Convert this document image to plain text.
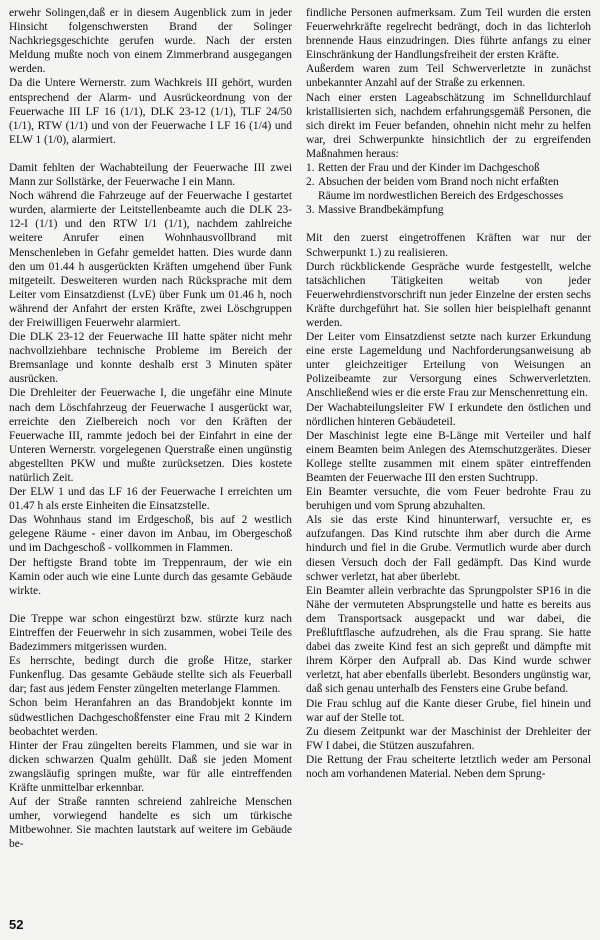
erwehr Solingen,daß er in diesem Augenblick zum in jeder Hinsicht folgenschwersten Brand der Solinger Nachkriegsgeschichte gerufen wurde. Nach der ersten Meldung mußte noch von einem Zimmerbrand ausgegangen werden.

Da die Untere Wernerstr. zum Wachkreis III gehört, wurden entsprechend der Alarm- und Ausrückeordnung von der Feuerwache III LF 16 (1/1), DLK 23-12 (1/1), TLF 24/50 (1/1), RTW (1/1) und von der Feuerwache I LF 16 (1/4) und ELW 1 (1/0), alarmiert.

Damit fehlten der Wachabteilung der Feuerwache III zwei Mann zur Sollstärke, der Feuerwache I ein Mann.

Noch während die Fahrzeuge auf der Feuerwache I gestartet wurden, alarmierte der Leitstellenbeamte auch die DLK 23-12-I (1/1) und den RTW I/1 (1/1), nachdem zahlreiche weitere Anrufer einen Wohnhausvollbrand mit Menschenleben in Gefahr gemeldet hatten. Dies wurde dann den um 01.44 h ausgerückten Kräften umgehend über Funk mitgeteilt. Desweiteren wurden nach Rücksprache mit dem Leiter vom Einsatzdienst (LvE) über Funk um 01.46 h, noch während der Anfahrt der ersten Kräfte, zwei Löschgruppen der Freiwilligen Feuerwehr alarmiert.

Die DLK 23-12 der Feuerwache III hatte später nicht mehr nachvollziehbare technische Probleme im Bereich der Bremsanlage und konnte deshalb erst 3 Minuten später ausrücken.

Die Drehleiter der Feuerwache I, die ungefähr eine Minute nach dem Löschfahrzeug der Feuerwache I ausgerückt war, erreichte den Zielbereich noch vor den Kräften der Feuerwache III, rammte jedoch bei der Einfahrt in eine der Unteren Wernerstr. vorgelegenen Querstraße einen ungünstig abgestellten PKW und mußte zurücksetzen. Dies kostete natürlich Zeit.

Der ELW 1 und das LF 16 der Feuerwache I erreichten um 01.47 h als erste Einheiten die Einsatzstelle.

Das Wohnhaus stand im Erdgeschoß, bis auf 2 westlich gelegene Räume - einer davon im Anbau, im Obergeschoß und im Dachgeschoß - vollkommen in Flammen.

Der heftigste Brand tobte im Treppenraum, der wie ein Kamin oder auch wie eine Lunte durch das gesamte Gebäude wirkte.

Die Treppe war schon eingestürzt bzw. stürzte kurz nach Eintreffen der Feuerwehr in sich zusammen, wobei Teile des Badezimmers mitgerissen wurden.

Es herrschte, bedingt durch die große Hitze, starker Funkenflug. Das gesamte Gebäude stellte sich als Feuerball dar; fast aus jedem Fenster züngelten meterlange Flammen.

Schon beim Heranfahren an das Brandobjekt konnte im südwestlichen Dachgeschoßfenster eine Frau mit 2 Kindern beobachtet werden.

Hinter der Frau züngelten bereits Flammen, und sie war in dicken schwarzen Qualm gehüllt. Daß sie jeden Moment zwangsläufig springen mußte, war für alle eintreffenden Kräfte unmittelbar erkennbar.

Auf der Straße rannten schreiend zahlreiche Menschen umher, vorwiegend handelte es sich um türkische Mitbewohner. Sie machten lautstark auf weitere im Gebäude be-

findliche Personen aufmerksam. Zum Teil wurden die ersten Feuerwehrkräfte regelrecht bedrängt, doch in das lichterloh brennende Haus einzudringen. Dies führte anfangs zu einer Einschränkung der Handlungsfreiheit der ersten Kräfte.

Außerdem waren zum Teil Schwerverletzte in zunächst unbekannter Anzahl auf der Straße zu erkennen.

Nach einer ersten Lageabschätzung im Schnelldurchlauf kristallisierten sich, nachdem erfahrungsgemäß Personen, die sich direkt im Feuer befanden, ohnehin nicht mehr zu helfen war, drei Schwerpunkte hinsichtlich der zu ergreifenden Maßnahmen heraus:

1. Retten der Frau und der Kinder im Dachgeschoß
2. Absuchen der beiden vom Brand noch nicht erfaßten Räume im nordwestlichen Bereich des Erdgeschosses
3. Massive Brandbekämpfung

Mit den zuerst eingetroffenen Kräften war nur der Schwerpunkt 1.) zu realisieren.

Durch rückblickende Gespräche wurde festgestellt, welche tatsächlichen Tätigkeiten weitab von jeder Feuerwehrdienstvorschrift nun jeder Einzelne der ersten sechs Kräfte durchgeführt hat. Sie sollen hier beispielhaft genannt werden.

Der Leiter vom Einsatzdienst setzte nach kurzer Erkundung eine erste Lagemeldung und Nachforderungsanweisung ab unter gleichzeitiger Erteilung von Weisungen an Polizeibeamte zur Versorgung eines Schwerverletzten. Anschließend wies er die erste Frau zur Menschenrettung ein.

Der Wachabteilungsleiter FW I erkundete den östlichen und nördlichen hinteren Gebäudeteil.

Der Maschinist legte eine B-Länge mit Verteiler und half einem Beamten beim Anlegen des Atemschutzgerätes. Dieser Kollege stellte zusammen mit einem später eintreffenden Beamten der Feuerwache III den ersten Suchtrupp.

Ein Beamter versuchte, die vom Feuer bedrohte Frau zu beruhigen und vom Sprung abzuhalten.

Als sie das erste Kind hinunterwarf, versuchte er, es aufzufangen. Das Kind rutschte ihm aber durch die Arme hindurch und fiel in die Grube. Vermutlich wurde aber durch diesen Versuch doch der Fall gedämpft. Das Kind wurde schwer verletzt, hat aber überlebt.

Ein Beamter allein verbrachte das Sprungpolster SP16 in die Nähe der vermuteten Absprungstelle und hatte es bereits aus dem Transportsack ausgepackt und war dabei, die Preßluftflasche aufzudrehen, als die Frau sprang. Sie hatte dabei das zweite Kind fest an sich gepreßt und dämpfte mit ihrem Körper den Aufprall ab. Das Kind wurde schwer verletzt, hat aber ebenfalls überlebt. Besonders ungünstig war, daß sich genau unterhalb des Fensters eine Grube befand.

Die Frau schlug auf die Kante dieser Grube, fiel hinein und war auf der Stelle tot.

Zu diesem Zeitpunkt war der Maschinist der Drehleiter der FW I dabei, die Stützen auszufahren.

Die Rettung der Frau scheiterte letztlich weder am Personal noch am vorhandenen Material. Neben dem Sprung-

52
